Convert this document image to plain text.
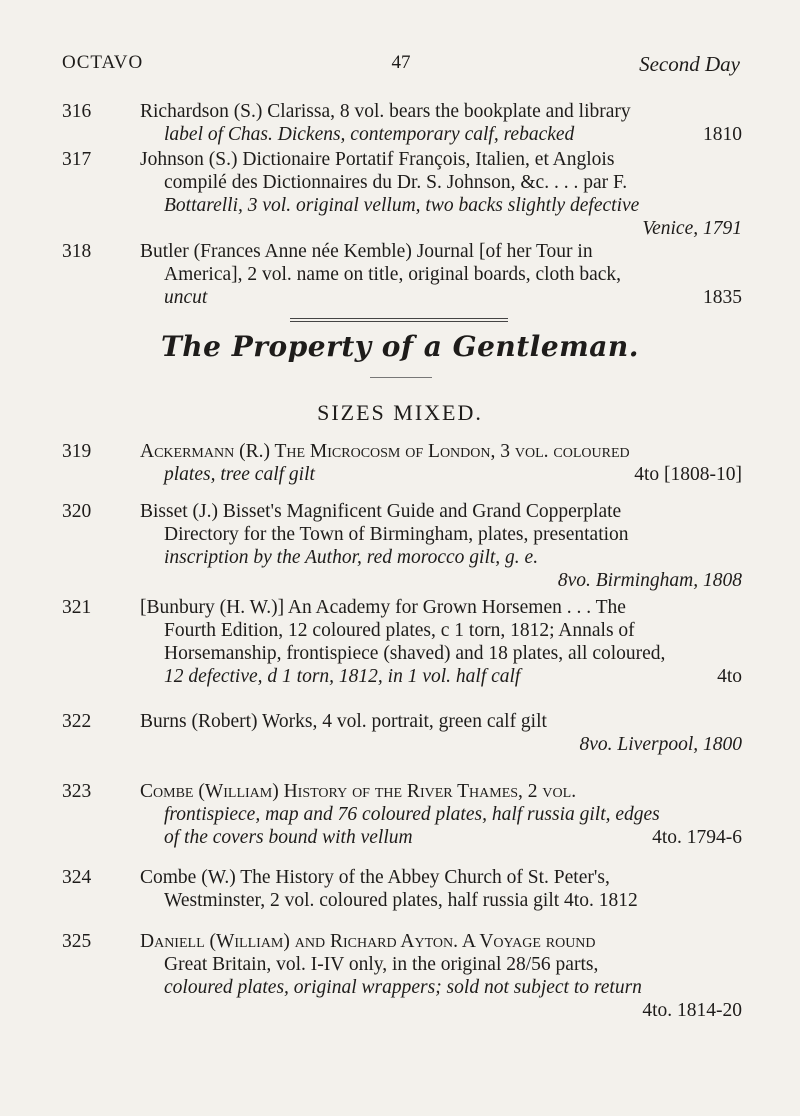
OCTAVO	47	Second Day
316	Richardson (S.) Clarissa, 8 vol. bears the bookplate and library
label of Chas. Dickens, contemporary calf, rebacked	1810
317	Johnson (S.) Dictionaire Portatif François, Italien, et Anglois
compilé des Dictionnaires du Dr. S. Johnson, &c. . . . par F.
Bottarelli, 3 vol. original vellum, two backs slightly defective
Venice, 1791
318	Butler (Frances Anne née Kemble) Journal [of her Tour in
America], 2 vol. name on title, original boards, cloth back,
uncut	1835
The Property of a Gentleman.
SIZES MIXED.
319	Ackermann (R.) The Microcosm of London, 3 vol. coloured
plates, tree calf gilt	4to [1808-10]
320	Bisset (J.) Bisset's Magnificent Guide and Grand Copperplate
Directory for the Town of Birmingham, plates, presentation
inscription by the Author, red morocco gilt, g. e.
8vo. Birmingham, 1808
321	[Bunbury (H. W.)] An Academy for Grown Horsemen . . . The
Fourth Edition, 12 coloured plates, c 1 torn, 1812; Annals of
Horsemanship, frontispiece (shaved) and 18 plates, all coloured,
12 defective, d 1 torn, 1812, in 1 vol. half calf	4to
322	Burns (Robert) Works, 4 vol. portrait, green calf gilt
8vo. Liverpool, 1800
323	Combe (William) History of the River Thames, 2 vol.
frontispiece, map and 76 coloured plates, half russia gilt, edges
of the covers bound with vellum	4to. 1794-6
324	Combe (W.) The History of the Abbey Church of St. Peter's,
Westminster, 2 vol. coloured plates, half russia gilt 4to. 1812
325	Daniell (William) and Richard Ayton. A Voyage round
Great Britain, vol. I-IV only, in the original 28/56 parts,
coloured plates, original wrappers; sold not subject to return
4to. 1814-20
